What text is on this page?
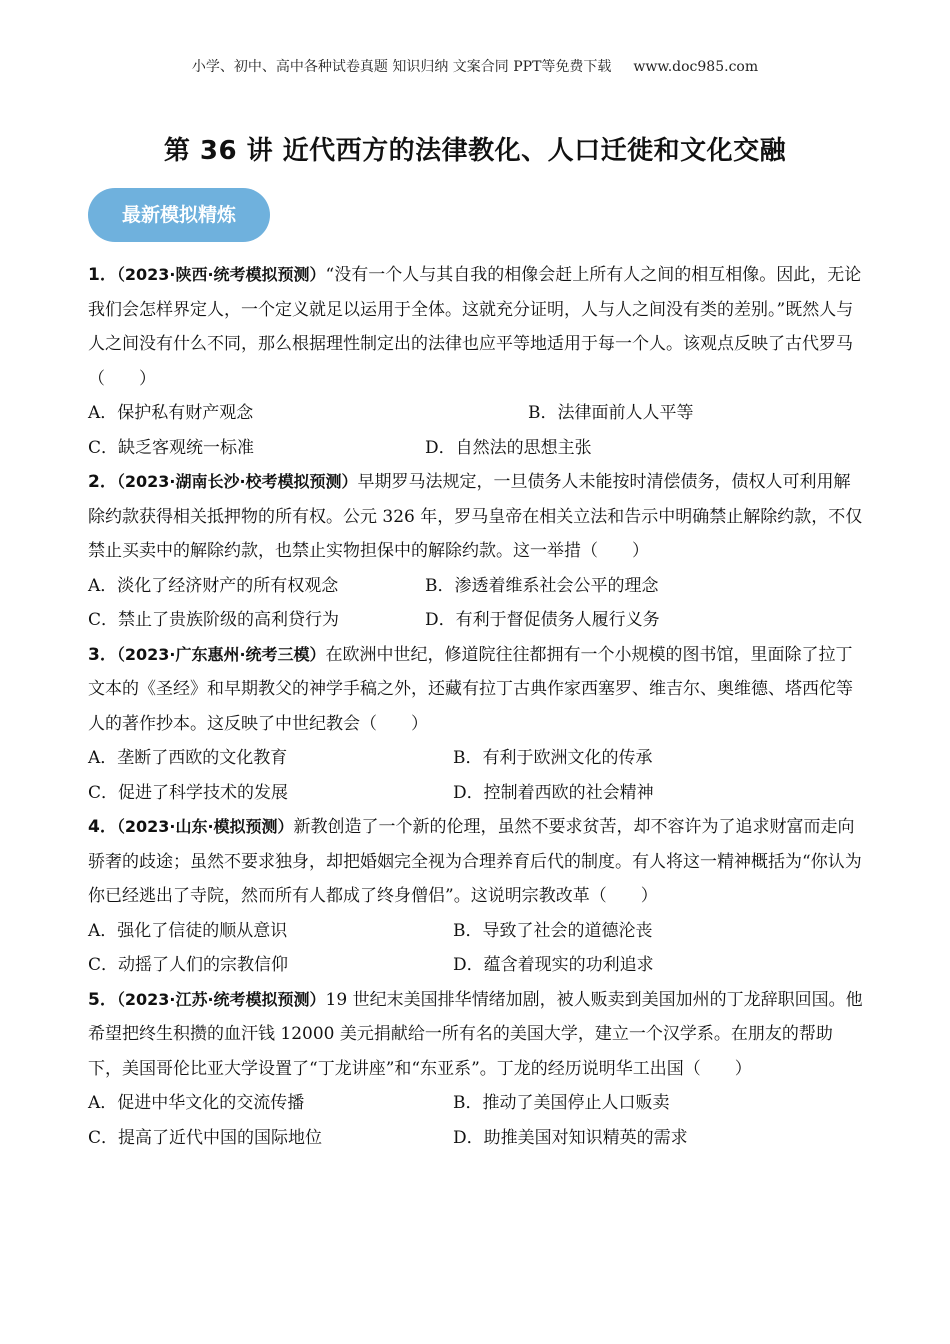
小学、初中、高中各种试卷真题 知识归纳 文案合同 PPT等免费下载 www.doc985.com
第 36 讲 近代西方的法律教化、人口迁徙和文化交融
最新模拟精炼
1．（2023·陕西·统考模拟预测）“没有一个人与其自我的相像会赶上所有人之间的相互相像。因此，无论我们会怎样界定人，一个定义就足以运用于全体。这就充分证明，人与人之间没有类的差别。”既然人与人之间没有什么不同，那么根据理性制定出的法律也应平等地适用于每一个人。该观点反映了古代罗马（　　）
A．保护私有财产观念	B．法律面前人人平等
C．缺乏客观统一标准	D．自然法的思想主张
2．（2023·湖南长沙·校考模拟预测）早期罗马法规定，一旦债务人未能按时清偿债务，债权人可利用解除约款获得相关抵押物的所有权。公元 326 年，罗马皇帝在相关立法和告示中明确禁止解除约款，不仅禁止买卖中的解除约款，也禁止实物担保中的解除约款。这一举措（　　）
A．淡化了经济财产的所有权观念	B．渗透着维系社会公平的理念
C．禁止了贵族阶级的高利贷行为	D．有利于督促债务人履行义务
3．（2023·广东惠州·统考三模）在欧洲中世纪，修道院往往都拥有一个小规模的图书馆，里面除了拉丁文本的《圣经》和早期教父的神学手稿之外，还藏有拉丁古典作家西塞罗、维吉尔、奥维德、塔西佗等人的著作抄本。这反映了中世纪教会（　　）
A．垄断了西欧的文化教育	B．有利于欧洲文化的传承
C．促进了科学技术的发展	D．控制着西欧的社会精神
4．（2023·山东·模拟预测）新教创造了一个新的伦理，虽然不要求贫苦，却不容许为了追求财富而走向骄奢的歧途；虽然不要求独身，却把婚姻完全视为合理养育后代的制度。有人将这一精神概括为“你认为你已经逃出了寺院，然而所有人都成了终身僧侣”。这说明宗教改革（　　）
A．强化了信徒的顺从意识	B．导致了社会的道德沦丧
C．动摇了人们的宗教信仰	D．蕴含着现实的功利追求
5．（2023·江苏·统考模拟预测）19 世纪末美国排华情绪加剧，被人贩卖到美国加州的丁龙辞职回国。他希望把终生积攒的血汗钱 12000 美元捐献给一所有名的美国大学，建立一个汉学系。在朋友的帮助下，美国哥伦比亚大学设置了“丁龙讲座”和“东亚系”。丁龙的经历说明华工出国（　　）
A．促进中华文化的交流传播	B．推动了美国停止人口贩卖
C．提高了近代中国的国际地位	D．助推美国对知识精英的需求
